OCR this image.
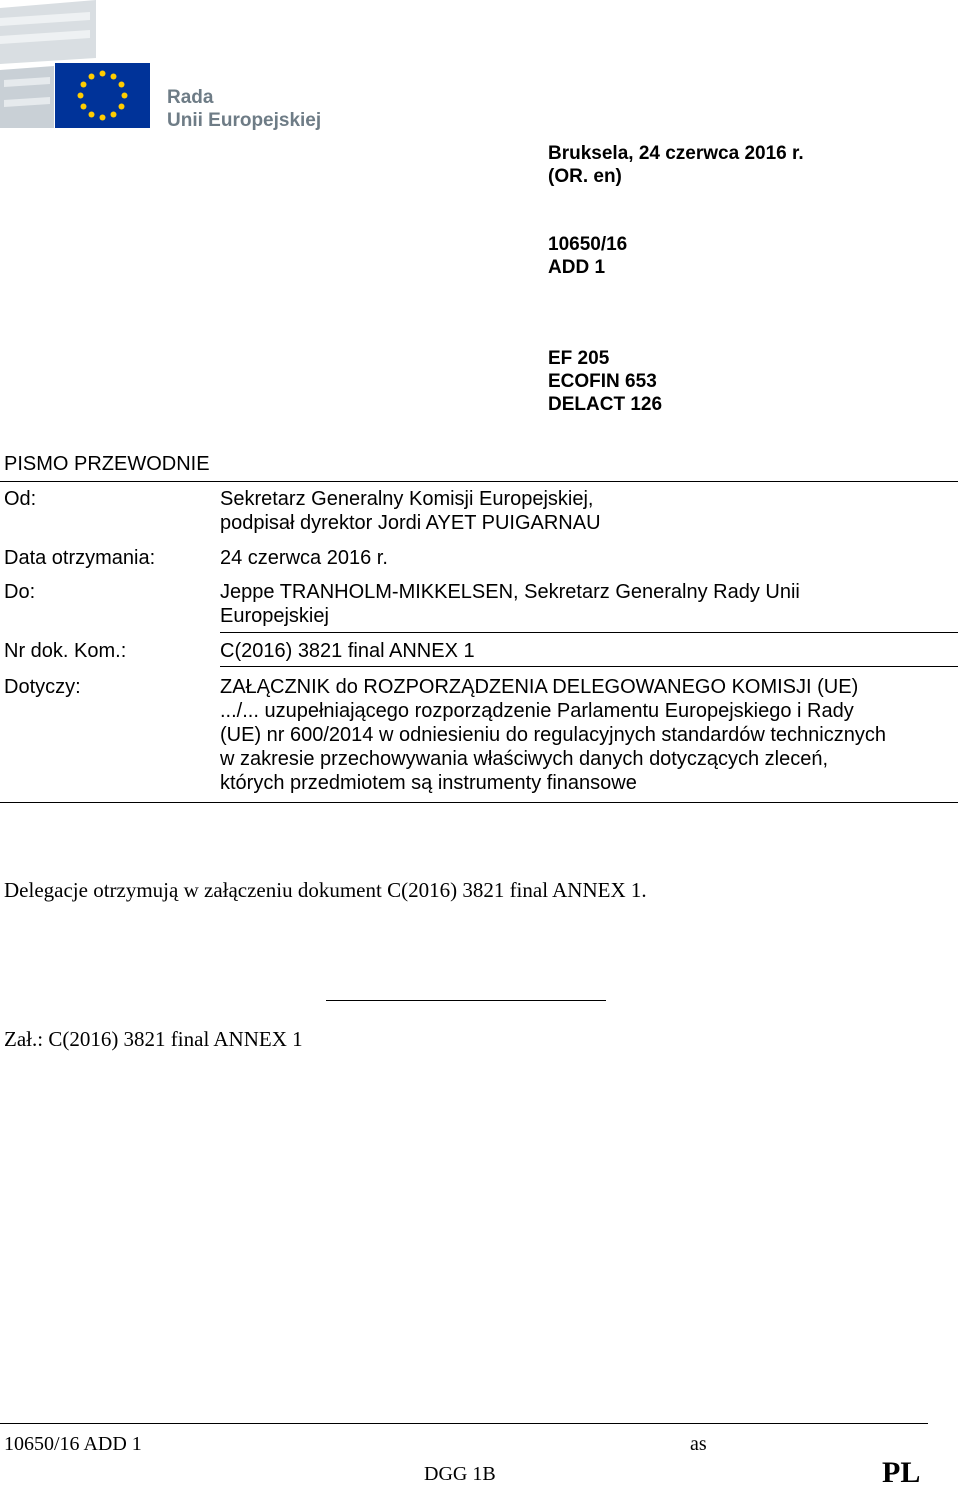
Rada
Unii Europejskiej
Bruksela, 24 czerwca 2016 r.
(OR. en)
10650/16
ADD 1
EF 205
ECOFIN 653
DELACT 126
PISMO PRZEWODNIE
Od:	Sekretarz Generalny Komisji Europejskiej,
podpisał dyrektor Jordi AYET PUIGARNAU
Data otrzymania:	24 czerwca 2016 r.
Do:	Jeppe TRANHOLM-MIKKELSEN, Sekretarz Generalny Rady Unii
Europejskiej
Nr dok. Kom.:	C(2016) 3821 final ANNEX 1
Dotyczy:	ZAŁĄCZNIK do ROZPORZĄDZENIA DELEGOWANEGO KOMISJI (UE)
.../... uzupełniającego rozporządzenie Parlamentu Europejskiego i Rady
(UE) nr 600/2014 w odniesieniu do regulacyjnych standardów technicznych
w zakresie przechowywania właściwych danych dotyczących zleceń,
których przedmiotem są instrumenty finansowe
Delegacje otrzymują w załączeniu dokument C(2016) 3821 final ANNEX 1.
Zał.: C(2016) 3821 final ANNEX 1
10650/16 ADD 1	as
DGG 1B	PL
